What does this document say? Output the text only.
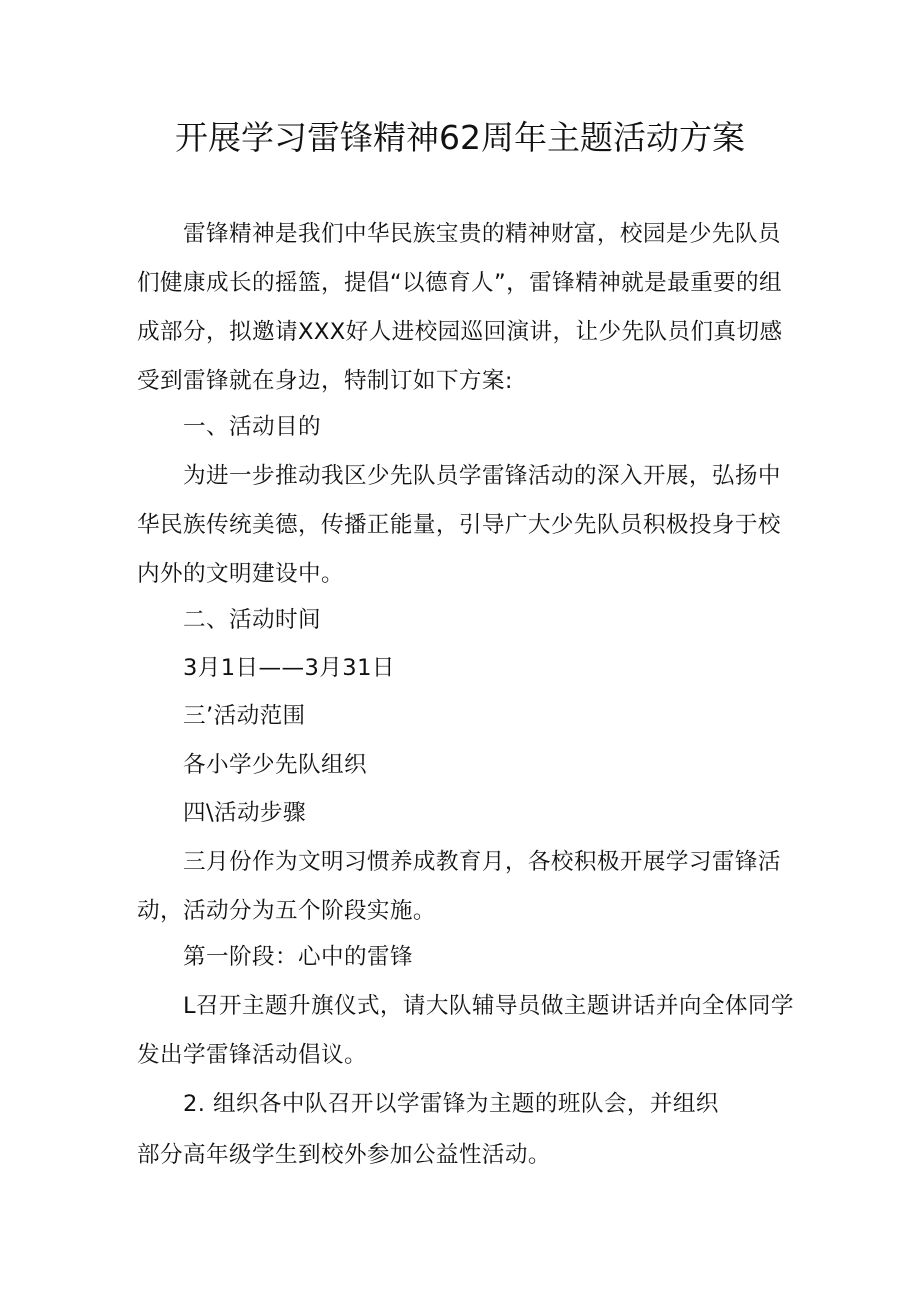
开展学习雷锋精神62周年主题活动方案
雷锋精神是我们中华民族宝贵的精神财富，校园是少先队员们健康成长的摇篮，提倡“以德育人”，雷锋精神就是最重要的组成部分，拟邀请XXX好人进校园巡回演讲，让少先队员们真切感受到雷锋就在身边，特制订如下方案:
一、活动目的
为进一步推动我区少先队员学雷锋活动的深入开展，弘扬中华民族传统美德，传播正能量，引导广大少先队员积极投身于校内外的文明建设中。
二、活动时间
3月1日——3月31日
三’活动范围
各小学少先队组织
四\活动步骤
三月份作为文明习惯养成教育月，各校积极开展学习雷锋活动，活动分为五个阶段实施。
第一阶段：心中的雷锋
L召开主题升旗仪式，请大队辅导员做主题讲话并向全体同学发出学雷锋活动倡议。
2. 组织各中队召开以学雷锋为主题的班队会，并组织
部分高年级学生到校外参加公益性活动。
